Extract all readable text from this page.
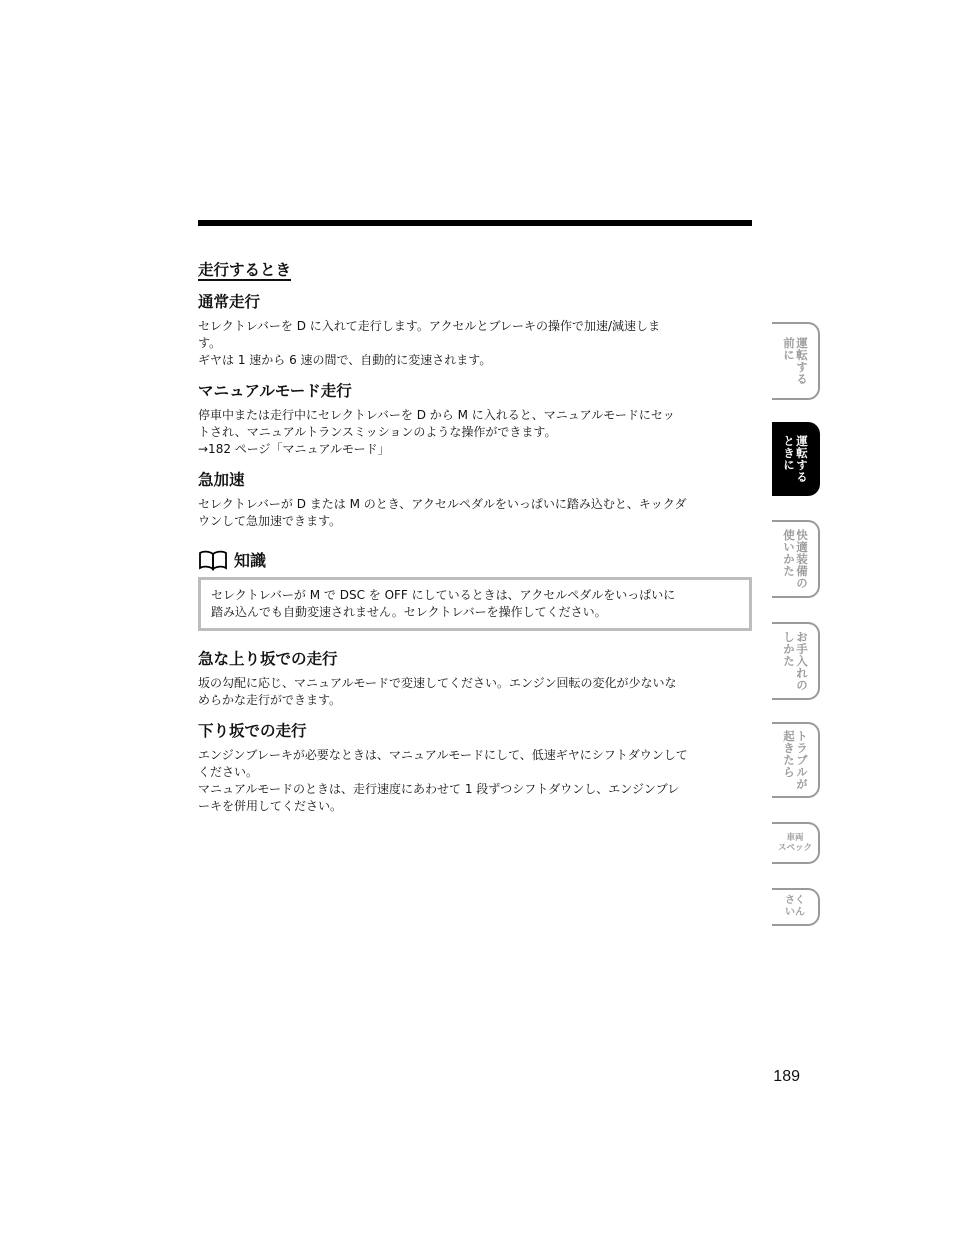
走行するとき
通常走行
セレクトレバーを D に入れて走行します。アクセルとブレーキの操作で加速/減速しま
す。
ギヤは 1 速から 6 速の間で、自動的に変速されます。
マニュアルモード走行
停車中または走行中にセレクトレバーを D から M に入れると、マニュアルモードにセッ
トされ、マニュアルトランスミッションのような操作ができます。
→182 ページ「マニュアルモード」
急加速
セレクトレバーが D または M のとき、アクセルペダルをいっぱいに踏み込むと、キックダ
ウンして急加速できます。
知識
セレクトレバーが M で DSC を OFF にしているときは、アクセルペダルをいっぱいに
踏み込んでも自動変速されません。セレクトレバーを操作してください。
急な上り坂での走行
坂の勾配に応じ、マニュアルモードで変速してください。エンジン回転の変化が少ないな
めらかな走行ができます。
下り坂での走行
エンジンブレーキが必要なときは、マニュアルモードにして、低速ギヤにシフトダウンして
ください。
マニュアルモードのときは、走行速度にあわせて 1 段ずつシフトダウンし、エンジンブレ
ーキを併用してください。
運転する
前に
運転する
ときに
快適装備の
使いかた
お手入れの
しかた
トラブルが
起きたら
車両
スペック
さく
いん
189
